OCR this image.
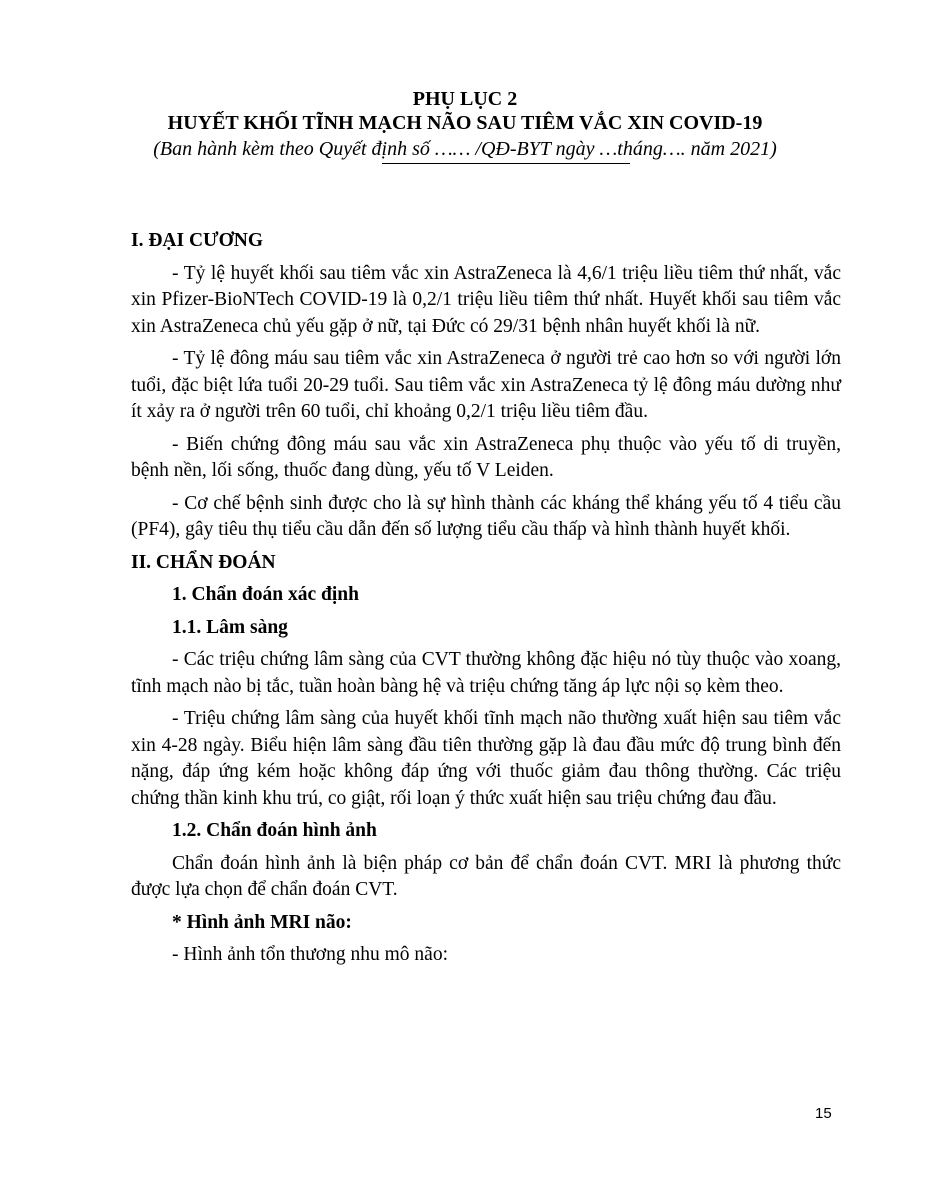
PHỤ LỤC 2
HUYẾT KHỐI TĨNH MẠCH NÃO SAU TIÊM VẮC XIN COVID-19
(Ban hành kèm theo Quyết định số …… /QĐ-BYT ngày …tháng…. năm 2021)
I. ĐẠI CƯƠNG

- Tỷ lệ huyết khối sau tiêm vắc xin AstraZeneca là 4,6/1 triệu liều tiêm thứ nhất, vắc xin Pfizer-BioNTech COVID-19 là 0,2/1 triệu liều tiêm thứ nhất. Huyết khối sau tiêm vắc xin AstraZeneca chủ yếu gặp ở nữ, tại Đức có 29/31 bệnh nhân huyết khối là nữ.

- Tỷ lệ đông máu sau tiêm vắc xin AstraZeneca ở người trẻ cao hơn so với người lớn tuổi, đặc biệt lứa tuổi 20-29 tuổi. Sau tiêm vắc xin AstraZeneca tỷ lệ đông máu dường như ít xảy ra ở người trên 60 tuổi, chỉ khoảng 0,2/1 triệu liều tiêm đầu.

- Biến chứng đông máu sau vắc xin AstraZeneca phụ thuộc vào yếu tố di truyền, bệnh nền, lối sống, thuốc đang dùng, yếu tố V Leiden.

- Cơ chế bệnh sinh được cho là sự hình thành các kháng thể kháng yếu tố 4 tiểu cầu (PF4), gây tiêu thụ tiểu cầu dẫn đến số lượng tiểu cầu thấp và hình thành huyết khối.

II. CHẨN ĐOÁN
1. Chẩn đoán xác định
1.1. Lâm sàng

- Các triệu chứng lâm sàng của CVT thường không đặc hiệu nó tùy thuộc vào xoang, tĩnh mạch nào bị tắc, tuần hoàn bàng hệ và triệu chứng tăng áp lực nội sọ kèm theo.

- Triệu chứng lâm sàng của huyết khối tĩnh mạch não thường xuất hiện sau tiêm vắc xin 4-28 ngày. Biểu hiện lâm sàng đầu tiên thường gặp là đau đầu mức độ trung bình đến nặng, đáp ứng kém hoặc không đáp ứng với thuốc giảm đau thông thường. Các triệu chứng thần kinh khu trú, co giật, rối loạn ý thức xuất hiện sau triệu chứng đau đầu.

1.2. Chẩn đoán hình ảnh

Chẩn đoán hình ảnh là biện pháp cơ bản để chẩn đoán CVT. MRI là phương thức được lựa chọn để chẩn đoán CVT.

* Hình ảnh MRI não:

- Hình ảnh tổn thương nhu mô não:

15
